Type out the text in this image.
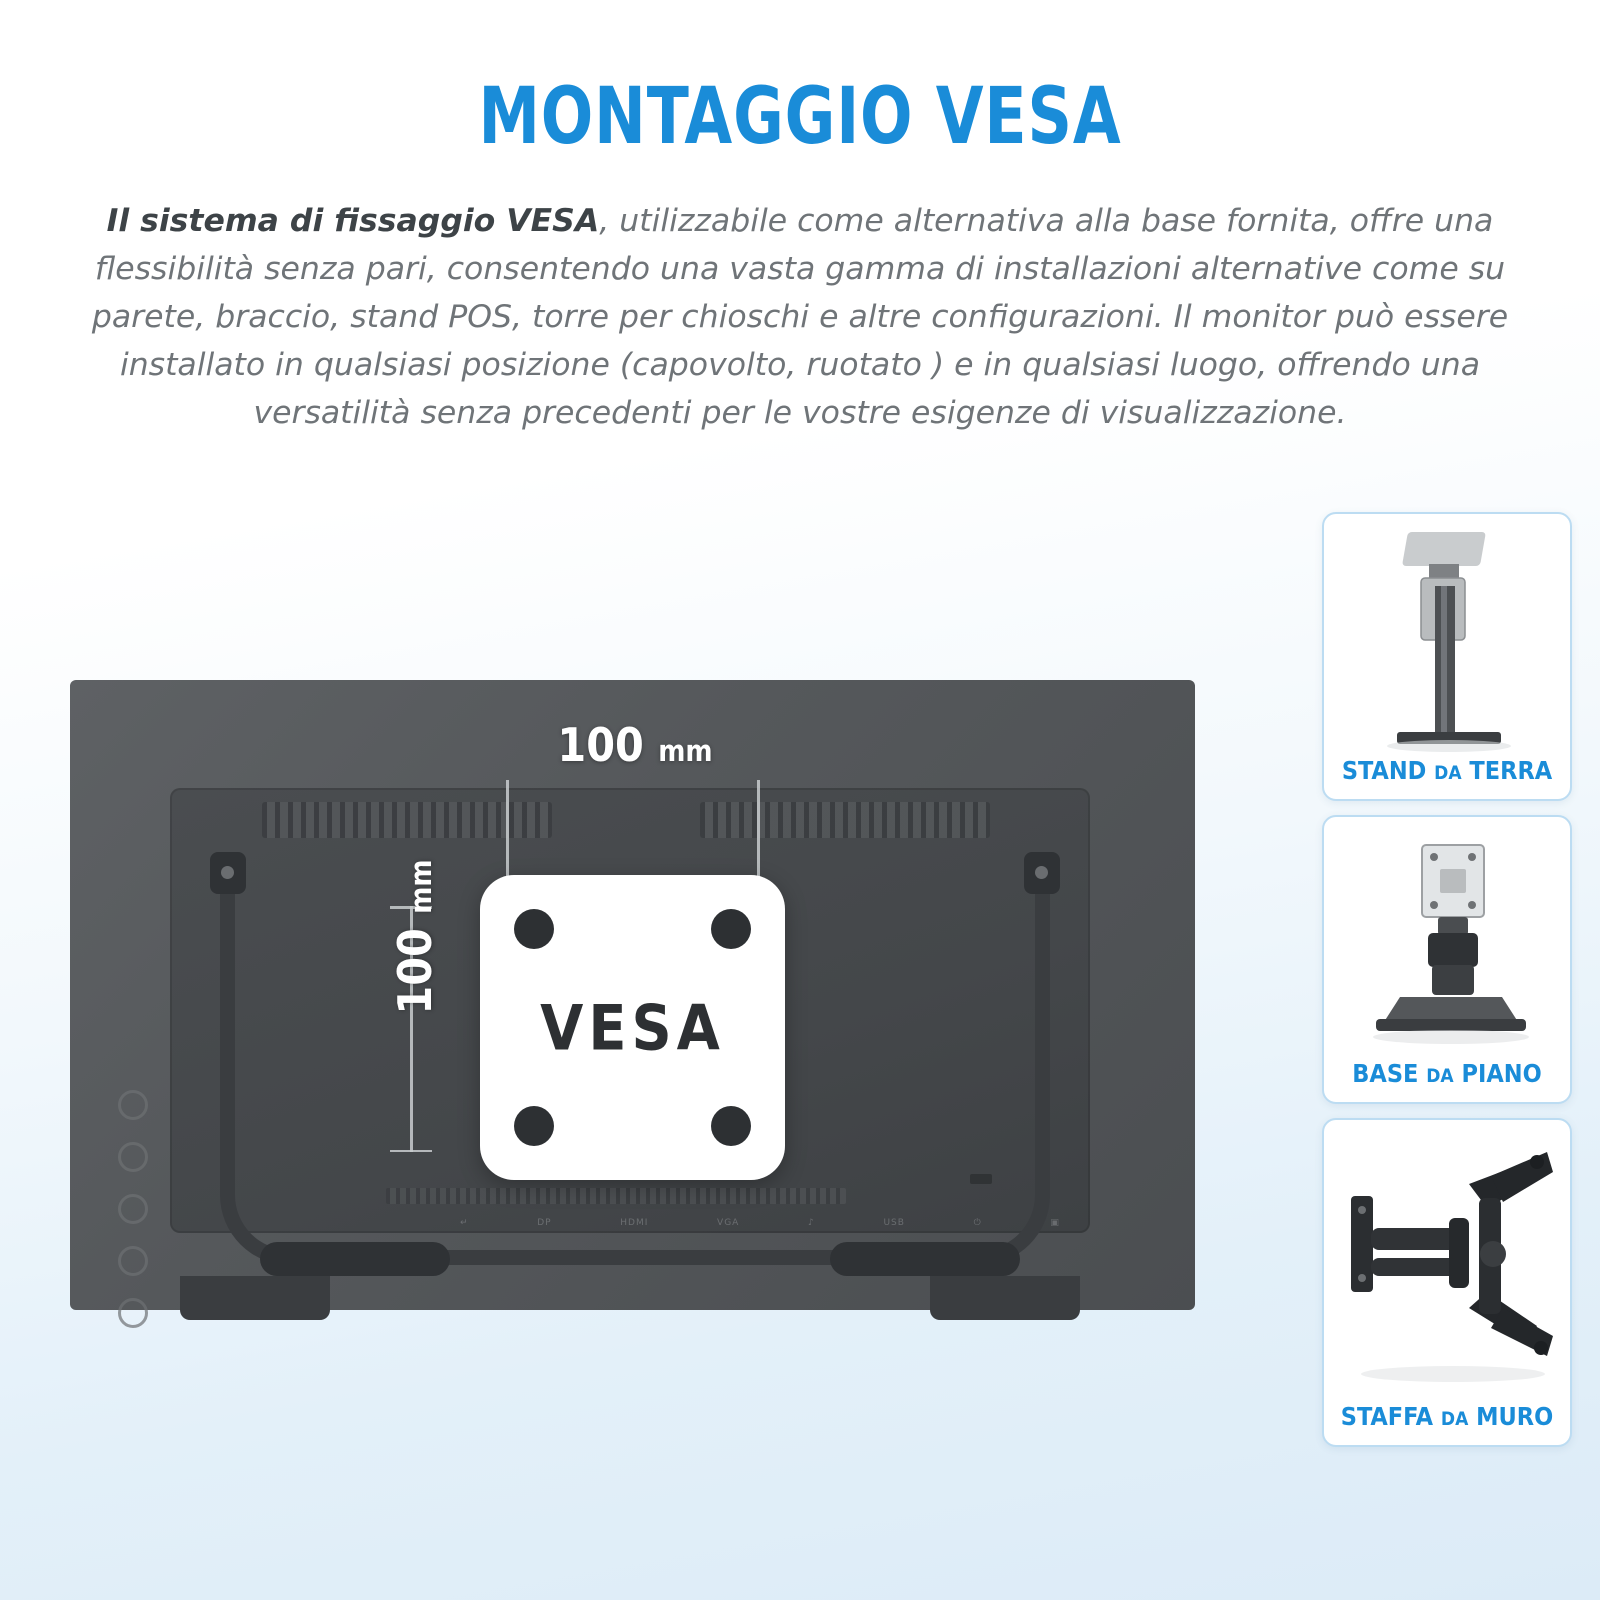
MONTAGGIO VESA
Il sistema di fissaggio VESA, utilizzabile come alternativa alla base fornita, offre una flessibilità senza pari, consentendo una vasta gamma di installazioni alternative come su parete, braccio, stand POS, torre per chioschi e altre configurazioni. Il monitor può essere installato in qualsiasi posizione (capovolto, ruotato ) e in qualsiasi luogo, offrendo una versatilità senza precedenti per le vostre esigenze di visualizzazione.
↵	DP	HDMI	VGA	♪	USB	⏻	▣
100 mm
100 mm
VESA
STAND DA TERRA
BASE DA PIANO
STAFFA DA MURO
